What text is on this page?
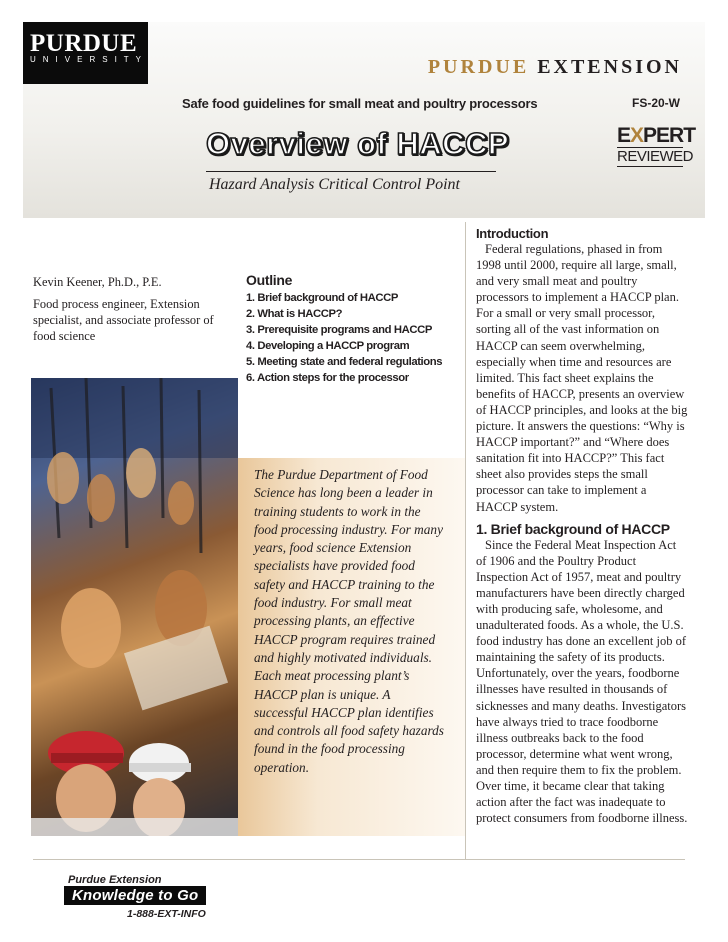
PURDUE
UNIVERSITY	PURDUE EXTENSION
Safe food guidelines for small meat and poultry processors	FS-20-W
Overview of HACCP
Hazard Analysis Critical Control Point
EXPERT
REVIEWED
Kevin Keener, Ph.D., P.E.
Food process engineer, Extension specialist, and associate professor of food science
Outline
1. Brief background of HACCP
2. What is HACCP?
3. Prerequisite programs and HACCP
4. Developing a HACCP program
5. Meeting state and federal regulations
6. Action steps for the processor
The Purdue Department of Food Science has long been a leader in training students to work in the food processing industry. For many years, food science Extension specialists have provided food safety and HACCP training to the food industry. For small meat processing plants, an effective HACCP program requires trained and highly motivated individuals. Each meat processing plant’s HACCP plan is unique. A successful HACCP plan identifies and controls all food safety hazards found in the food processing operation.
Introduction

Federal regulations, phased in from 1998 until 2000, require all large, small, and very small meat and poultry processors to implement a HACCP plan. For a small or very small processor, sorting all of the vast information on HACCP can seem overwhelming, especially when time and resources are limited. This fact sheet explains the benefits of HACCP, presents an overview of HACCP principles, and looks at the big picture. It answers the questions: “Why is HACCP important?” and “Where does sanitation fit into HACCP?” This fact sheet also provides steps the small processor can take to implement a HACCP system.

1. Brief background of HACCP

Since the Federal Meat Inspection Act of 1906 and the Poultry Product Inspection Act of 1957, meat and poultry manufacturers have been directly charged with producing safe, wholesome, and unadulterated foods. As a whole, the U.S. food industry has done an excellent job of maintaining the safety of its products. Unfortunately, over the years, foodborne illnesses have resulted in thousands of sicknesses and many deaths. Investigators have always tried to trace foodborne illness outbreaks back to the food processor, determine what went wrong, and then require them to fix the problem. Over time, it became clear that taking action after the fact was inadequate to protect consumers from foodborne illness.

Purdue Extension
Knowledge to Go
1-888-EXT-INFO
